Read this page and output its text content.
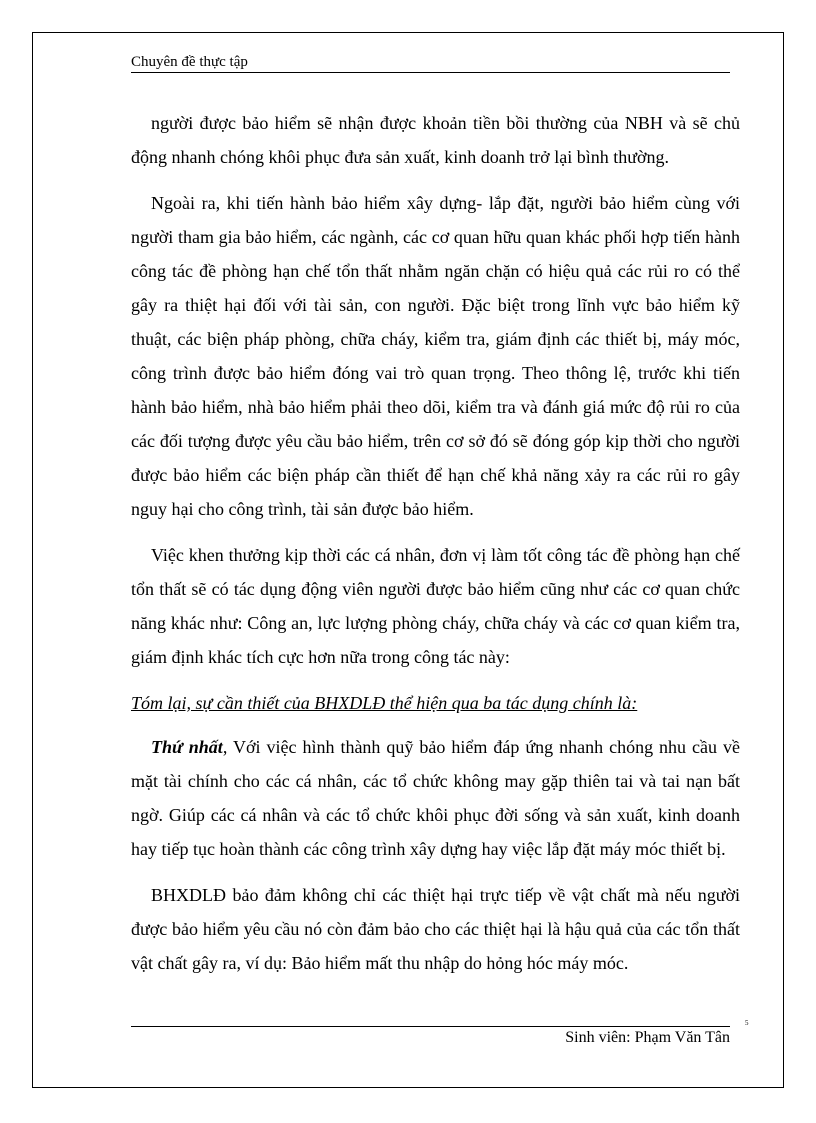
Chuyên đề thực tập

người được bảo hiểm sẽ nhận được khoản tiền bồi thường của NBH và sẽ chủ động nhanh chóng khôi phục đưa sản xuất, kinh doanh trở lại bình thường.

Ngoài ra, khi tiến hành bảo hiểm xây dựng- lắp đặt, người bảo hiểm cùng với người tham gia bảo hiểm, các ngành, các cơ quan hữu quan khác phối hợp tiến hành công tác đề phòng hạn chế tổn thất nhằm ngăn chặn có hiệu quả các rủi ro có thể gây ra thiệt hại đối với tài sản, con người. Đặc biệt trong lĩnh vực bảo hiểm kỹ thuật, các biện pháp phòng, chữa cháy, kiểm tra, giám định các thiết bị, máy móc, công trình được bảo hiểm đóng vai trò quan trọng. Theo thông lệ, trước khi tiến hành bảo hiểm, nhà bảo hiểm phải theo dõi, kiểm tra và đánh giá mức độ rủi ro của các đối tượng được yêu cầu bảo hiểm, trên cơ sở đó sẽ đóng góp kịp thời cho người được bảo hiểm các biện pháp cần thiết để hạn chế khả năng xảy ra các rủi ro gây nguy hại cho công trình, tài sản được bảo hiểm.

Việc khen thưởng kịp thời các cá nhân, đơn vị làm tốt công tác đề phòng hạn chế tổn thất sẽ có tác dụng động viên người được bảo hiểm cũng như các cơ quan chức năng khác như: Công an, lực lượng phòng cháy, chữa cháy và các cơ quan kiểm tra, giám định khác tích cực hơn nữa trong công tác này:

Tóm lại, sự cần thiết của BHXDLĐ thể hiện qua ba tác dụng chính là:

Thứ nhất, Với việc hình thành quỹ bảo hiểm đáp ứng nhanh chóng nhu cầu về mặt tài chính cho các cá nhân, các tổ chức không may gặp thiên tai và tai nạn bất ngờ. Giúp các cá nhân và các tổ chức khôi phục đời sống và sản xuất, kinh doanh hay tiếp tục hoàn thành các công trình xây dựng hay việc lắp đặt máy móc thiết bị.

BHXDLĐ bảo đảm không chỉ các thiệt hại trực tiếp về vật chất mà nếu người được bảo hiểm yêu cầu nó còn đảm bảo cho các thiệt hại là hậu quả của các tổn thất vật chất gây ra, ví dụ: Bảo hiểm mất thu nhập do hỏng hóc máy móc.

Sinh viên: Phạm Văn Tân
5
